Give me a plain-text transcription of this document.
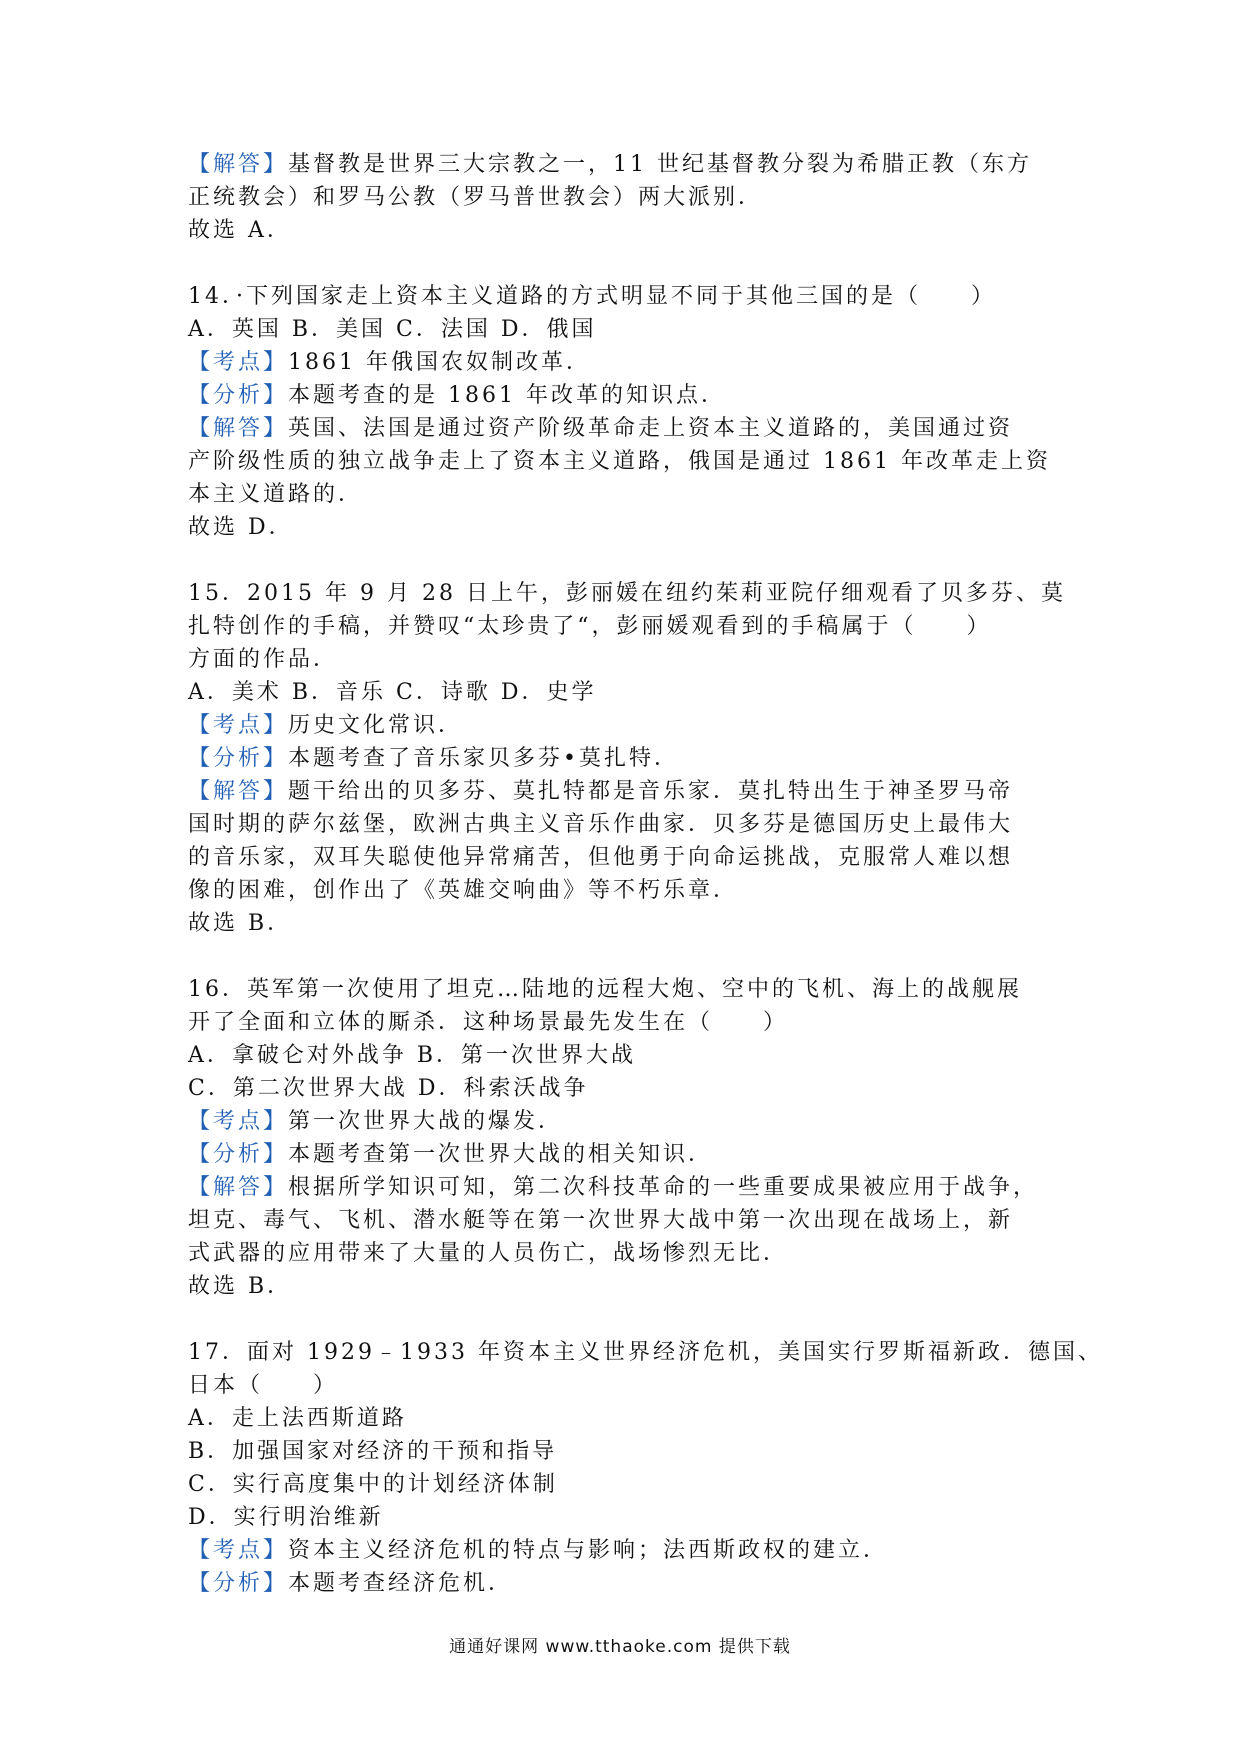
【解答】基督教是世界三大宗教之一，11 世纪基督教分裂为希腊正教（东方
正统教会）和罗马公教（罗马普世教会）两大派别．
故选 A．
14．·下列国家走上资本主义道路的方式明显不同于其他三国的是（　　）
A．英国 B．美国 C．法国 D．俄国
【考点】1861 年俄国农奴制改革．
【分析】本题考查的是 1861 年改革的知识点．
【解答】英国、法国是通过资产阶级革命走上资本主义道路的，美国通过资
产阶级性质的独立战争走上了资本主义道路，俄国是通过 1861 年改革走上资
本主义道路的．
故选 D．
15．2015 年 9 月 28 日上午，彭丽媛在纽约茱莉亚院仔细观看了贝多芬、莫
扎特创作的手稿，并赞叹“太珍贵了“，彭丽媛观看到的手稿属于（　　）
方面的作品．
A．美术 B．音乐 C．诗歌 D．史学
【考点】历史文化常识．
【分析】本题考查了音乐家贝多芬•莫扎特．
【解答】题干给出的贝多芬、莫扎特都是音乐家．莫扎特出生于神圣罗马帝
国时期的萨尔兹堡，欧洲古典主义音乐作曲家．贝多芬是德国历史上最伟大
的音乐家，双耳失聪使他异常痛苦，但他勇于向命运挑战，克服常人难以想
像的困难，创作出了《英雄交响曲》等不朽乐章．
故选 B．
16．英军第一次使用了坦克…陆地的远程大炮、空中的飞机、海上的战舰展
开了全面和立体的厮杀．这种场景最先发生在（　　）
A．拿破仑对外战争 B．第一次世界大战
C．第二次世界大战 D．科索沃战争
【考点】第一次世界大战的爆发．
【分析】本题考查第一次世界大战的相关知识．
【解答】根据所学知识可知，第二次科技革命的一些重要成果被应用于战争，
坦克、毒气、飞机、潜水艇等在第一次世界大战中第一次出现在战场上，新
式武器的应用带来了大量的人员伤亡，战场惨烈无比．
故选 B．
17．面对 1929﹣1933 年资本主义世界经济危机，美国实行罗斯福新政．德国、
日本（　　）
A．走上法西斯道路
B．加强国家对经济的干预和指导
C．实行高度集中的计划经济体制
D．实行明治维新
【考点】资本主义经济危机的特点与影响；法西斯政权的建立．
【分析】本题考查经济危机．
通通好课网 www.tthaoke.com 提供下载
